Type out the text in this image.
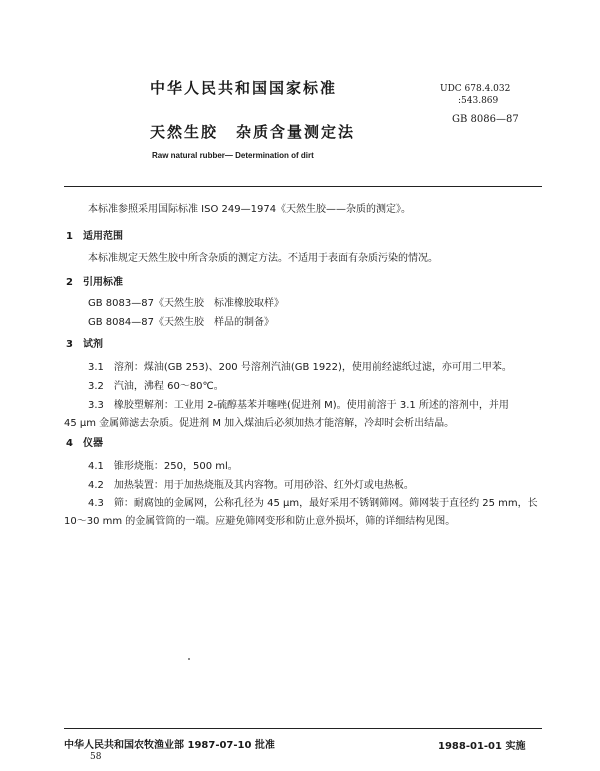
中华人民共和国国家标准	UDC 678.4.032
:543.869
GB 8086—87
天然生胶 杂质含量测定法
Raw natural rubber— Determination of dirt
本标准参照采用国际标准 ISO 249—1974《天然生胶——杂质的测定》。
1　适用范围
本标准规定天然生胶中所含杂质的测定方法。不适用于表面有杂质污染的情况。
2　引用标准
GB 8083—87《天然生胶　标准橡胶取样》
GB 8084—87《天然生胶　样品的制备》
3　试剂
3.1　溶剂：煤油(GB 253)、200 号溶剂汽油(GB 1922)，使用前经滤纸过滤，亦可用二甲苯。
3.2　汽油，沸程 60～80℃。
3.3　橡胶塑解剂：工业用 2-硫醇基苯并噻唑(促进剂 M)。使用前溶于 3.1 所述的溶剂中，并用
45 μm 金属筛滤去杂质。促进剂 M 加入煤油后必须加热才能溶解，冷却时会析出结晶。
4　仪器
4.1　锥形烧瓶：250，500 ml。
4.2　加热装置：用于加热烧瓶及其内容物。可用砂浴、红外灯或电热板。
4.3　筛：耐腐蚀的金属网，公称孔径为 45 μm，最好采用不锈钢筛网。筛网装于直径约 25 mm，长
10～30 mm 的金属管筒的一端。应避免筛网变形和防止意外损坏，筛的详细结构见图。
中华人民共和国农牧渔业部 1987-07-10 批准	1988-01-01 实施
58
